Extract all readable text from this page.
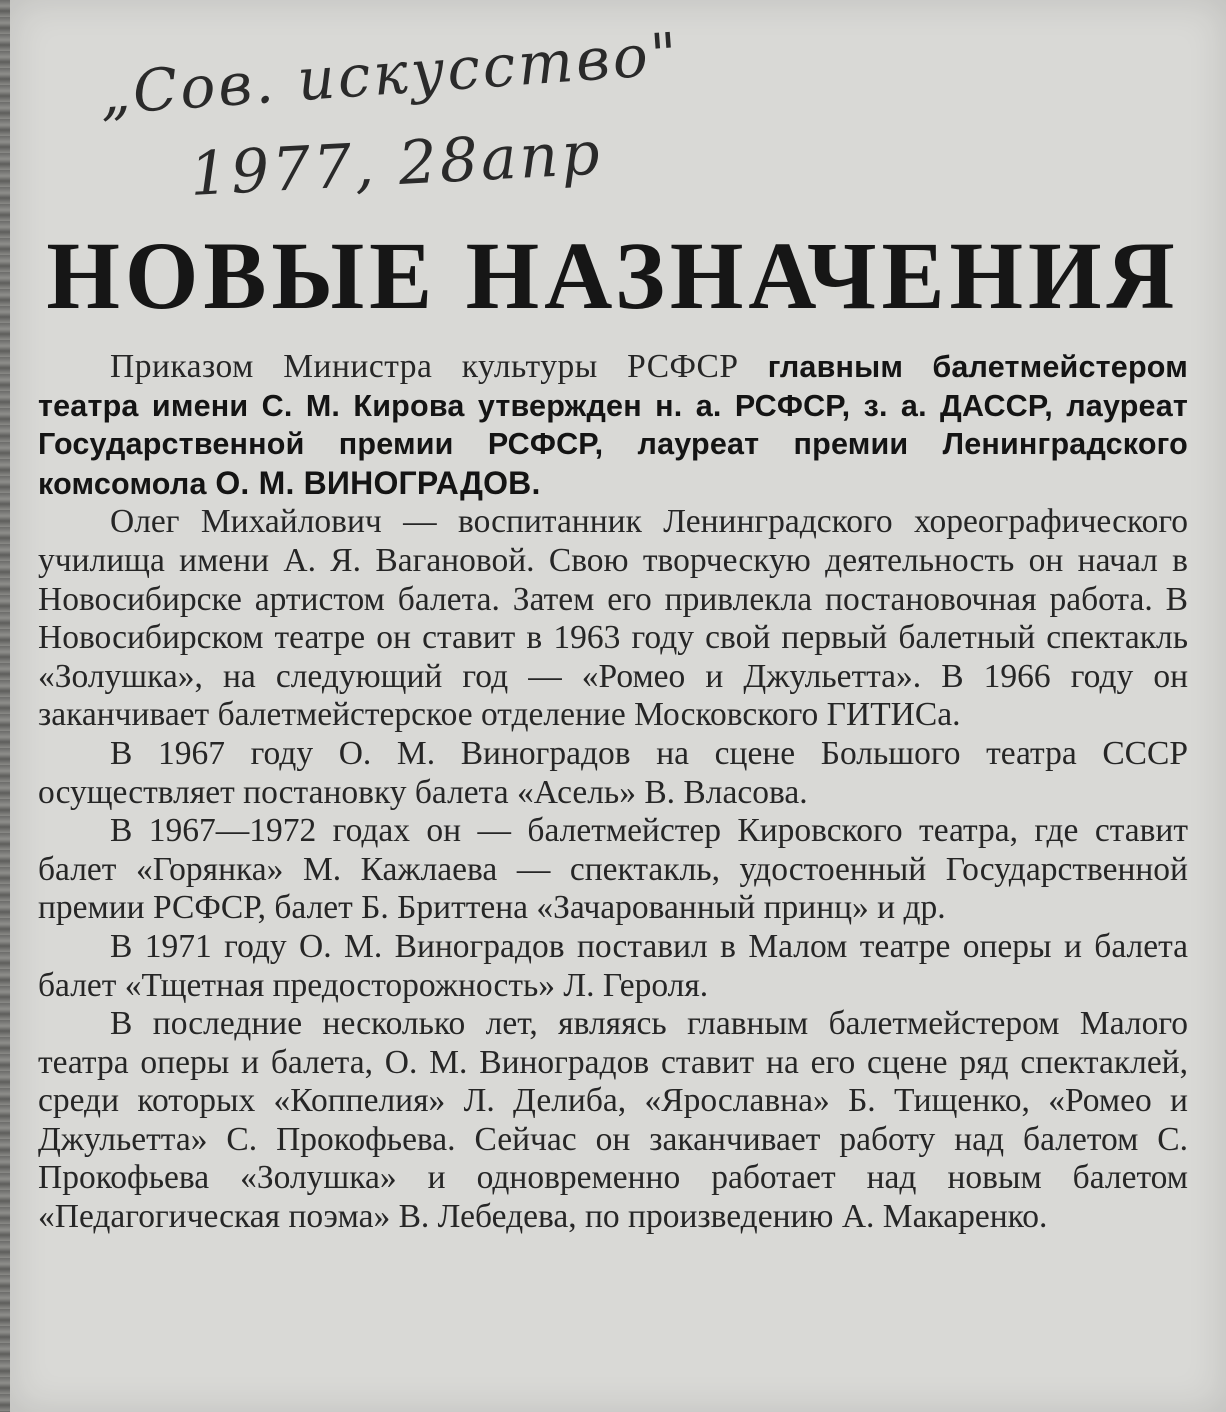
„Сов. искусство"
1977, 28апр
НОВЫЕ НАЗНАЧЕНИЯ

Приказом Министра культуры РСФСР главным балетмейстером театра имени С. М. Кирова утвержден н. а. РСФСР, з. а. ДАССР, лауреат Государственной премии РСФСР, лауреат премии Ленинградского комсомола О. М. ВИНОГРАДОВ.

Олег Михайлович — воспитанник Ленинградского хореографического училища имени А. Я. Вагановой. Свою творческую деятельность он начал в Новосибирске артистом балета. Затем его привлекла постановочная работа. В Новосибирском театре он ставит в 1963 году свой первый балетный спектакль «Золушка», на следующий год — «Ромео и Джульетта». В 1966 году он заканчивает балетмейстерское отделение Московского ГИТИСа.

В 1967 году О. М. Виноградов на сцене Большого театра СССР осуществляет постановку балета «Асель» В. Власова.

В 1967—1972 годах он — балетмейстер Кировского театра, где ставит балет «Горянка» М. Кажлаева — спектакль, удостоенный Государственной премии РСФСР, балет Б. Бриттена «Зачарованный принц» и др.

В 1971 году О. М. Виноградов поставил в Малом театре оперы и балета балет «Тщетная предосторожность» Л. Героля.

В последние несколько лет, являясь главным балетмейстером Малого театра оперы и балета, О. М. Виноградов ставит на его сцене ряд спектаклей, среди которых «Коппелия» Л. Делиба, «Ярославна» Б. Тищенко, «Ромео и Джульетта» С. Прокофьева. Сейчас он заканчивает работу над балетом С. Прокофьева «Золушка» и одновременно работает над новым балетом «Педагогическая поэма» В. Лебедева, по произведению А. Макаренко.
